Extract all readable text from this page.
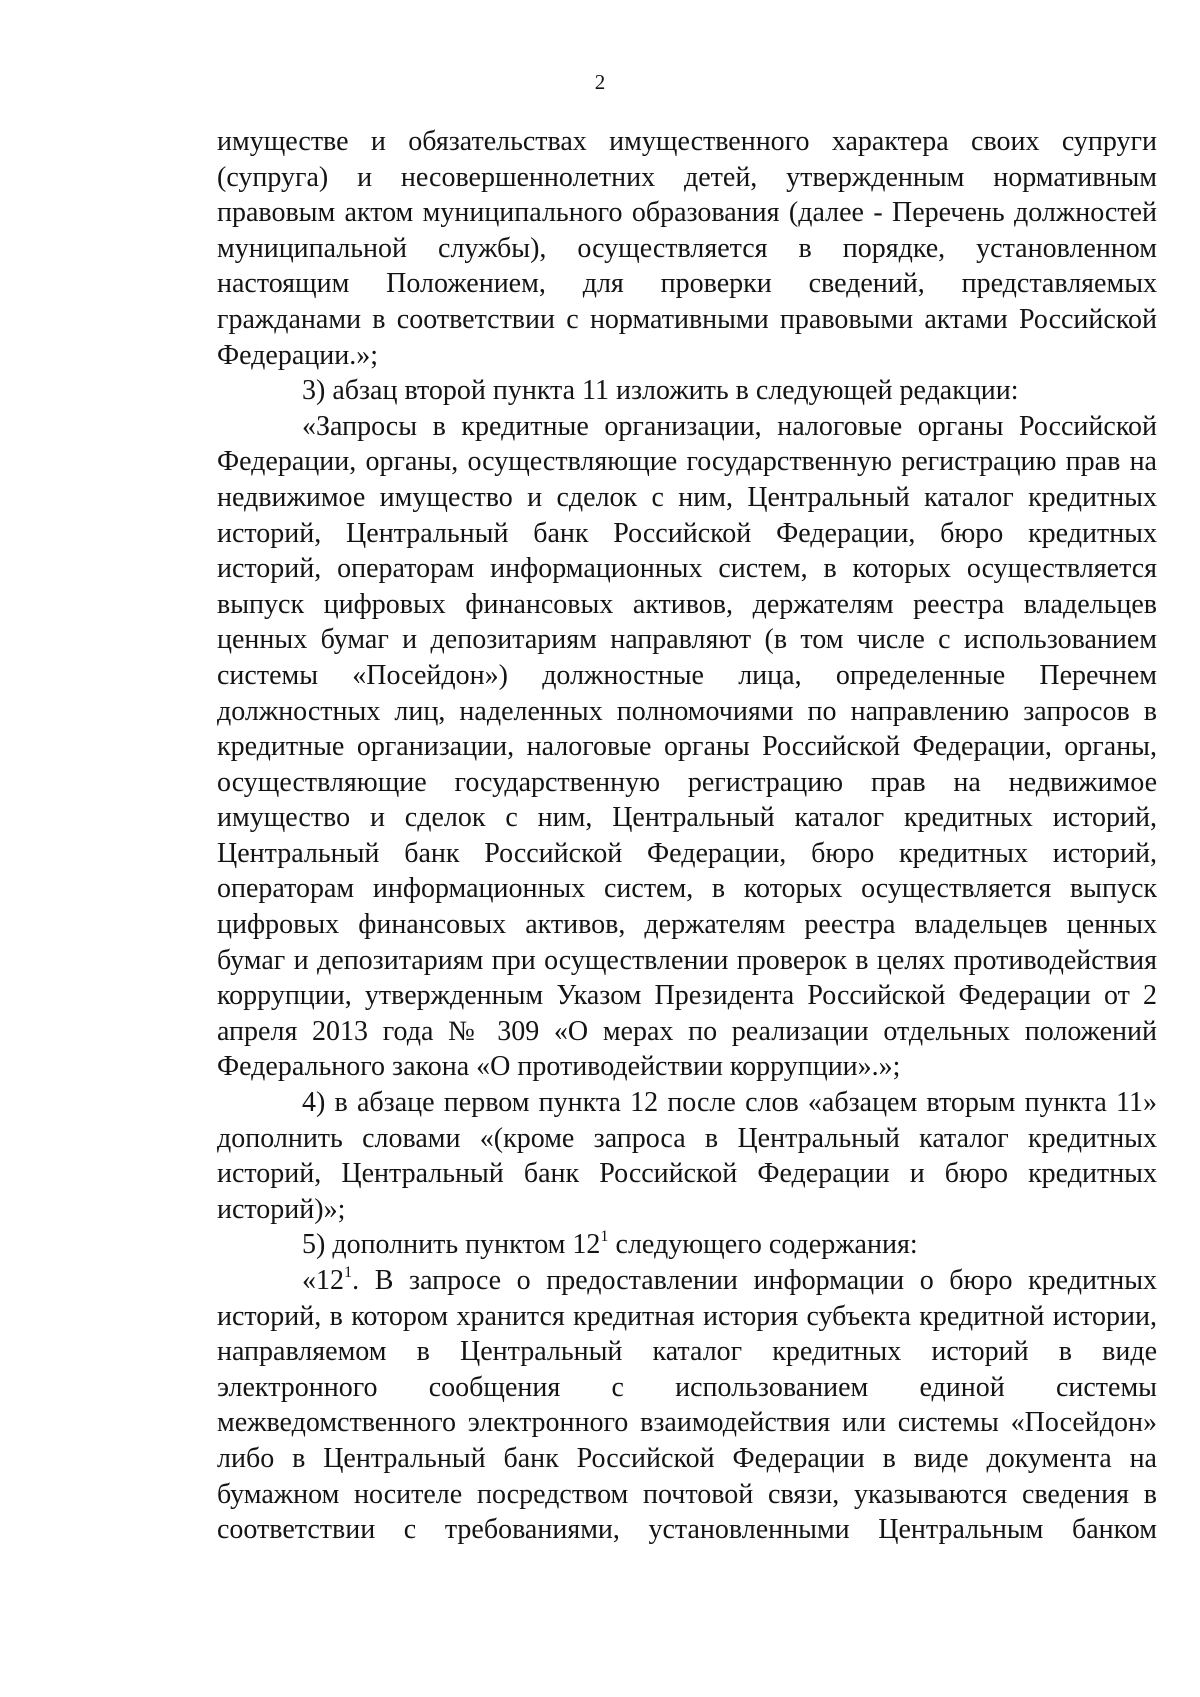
2

имуществе и обязательствах имущественного характера своих супруги (супруга) и несовершеннолетних детей, утвержденным нормативным правовым актом муниципального образования (далее - Перечень должностей муниципальной службы), осуществляется в порядке, установленном настоящим Положением, для проверки сведений, представляемых гражданами в соответствии с нормативными правовыми актами Российской Федерации.»;

3) абзац второй пункта 11 изложить в следующей редакции:

«Запросы в кредитные организации, налоговые органы Российской Федерации, органы, осуществляющие государственную регистрацию прав на недвижимое имущество и сделок с ним, Центральный каталог кредитных историй, Центральный банк Российской Федерации, бюро кредитных историй, операторам информационных систем, в которых осуществляется выпуск цифровых финансовых активов, держателям реестра владельцев ценных бумаг и депозитариям направляют (в том числе с использованием системы «Посейдон») должностные лица, определенные Перечнем должностных лиц, наделенных полномочиями по направлению запросов в кредитные организации, налоговые органы Российской Федерации, органы, осуществляющие государственную регистрацию прав на недвижимое имущество и сделок с ним, Центральный каталог кредитных историй, Центральный банк Российской Федерации, бюро кредитных историй, операторам информационных систем, в которых осуществляется выпуск цифровых финансовых активов, держателям реестра владельцев ценных бумаг и депозитариям при осуществлении проверок в целях противодействия коррупции, утвержденным Указом Президента Российской Федерации от 2 апреля 2013 года № 309 «О мерах по реализации отдельных положений Федерального закона «О противодействии коррупции».»;

4) в абзаце первом пункта 12 после слов «абзацем вторым пункта 11» дополнить словами «(кроме запроса в Центральный каталог кредитных историй, Центральный банк Российской Федерации и бюро кредитных историй)»;

5) дополнить пунктом $12^1$ следующего содержания:

«$12^1$. В запросе о предоставлении информации о бюро кредитных историй, в котором хранится кредитная история субъекта кредитной истории, направляемом в Центральный каталог кредитных историй в виде электронного сообщения с использованием единой системы межведомственного электронного взаимодействия или системы «Посейдон» либо в Центральный банк Российской Федерации в виде документа на бумажном носителе посредством почтовой связи, указываются сведения в соответствии с требованиями, установленными Центральным банком
